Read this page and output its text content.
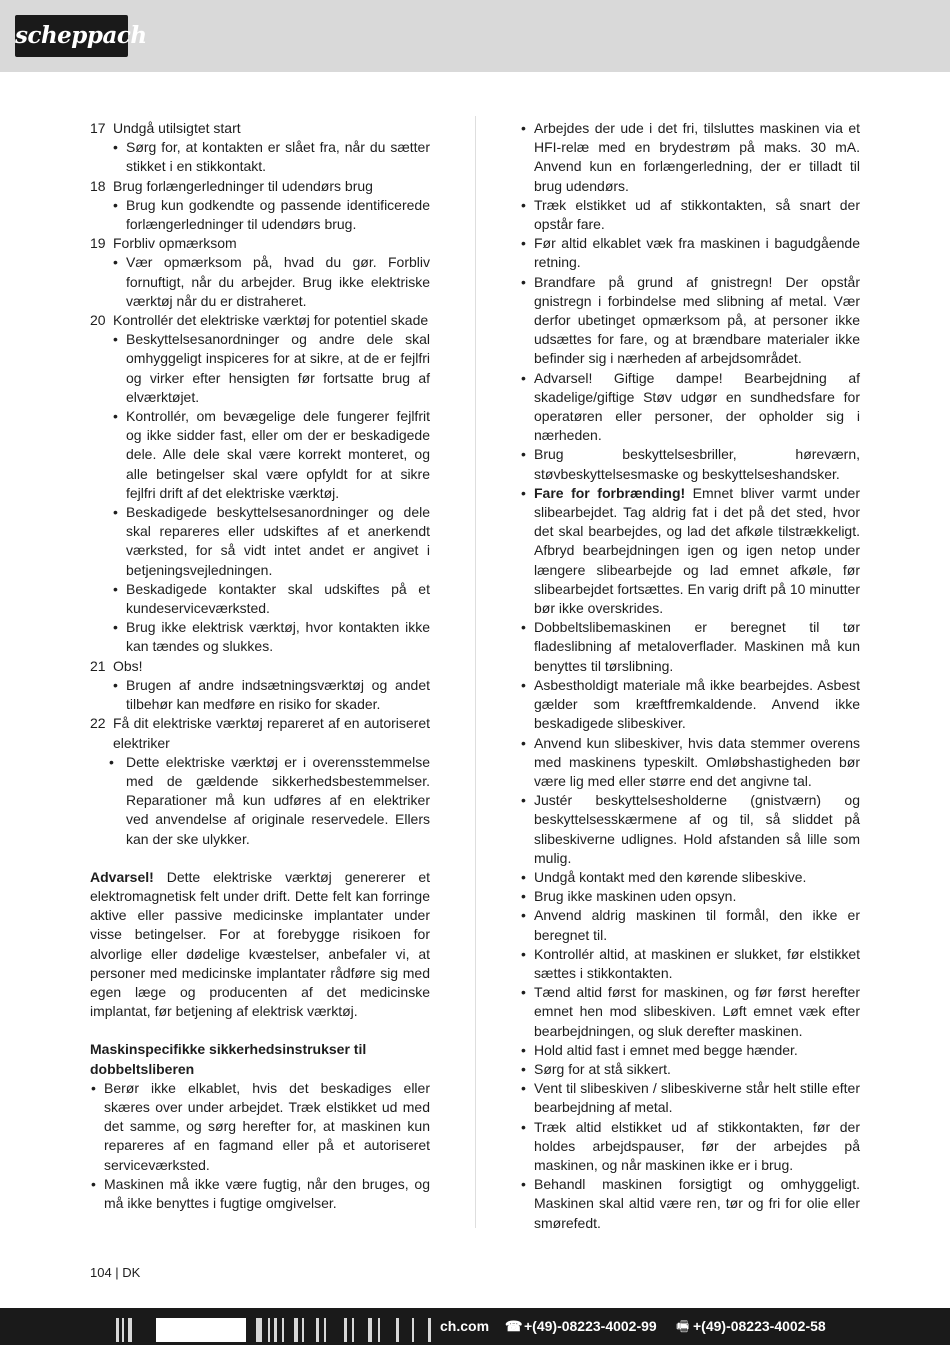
scheppach
17 Undgå utilsigtet start
• Sørg for, at kontakten er slået fra, når du sætter stikket i en stikkontakt.
18 Brug forlængerledninger til udendørs brug
• Brug kun godkendte og passende identificerede forlængerledninger til udendørs brug.
19 Forbliv opmærksom
• Vær opmærksom på, hvad du gør. Forbliv fornuftigt, når du arbejder. Brug ikke elektriske værktøj når du er distraheret.
20 Kontrollér det elektriske værktøj for potentiel skade
• Beskyttelsesanordninger og andre dele skal omhyggeligt inspiceres for at sikre, at de er fejlfri og virker efter hensigten før fortsatte brug af elværktøjet.
• Kontrollér, om bevægelige dele fungerer fejlfrit og ikke sidder fast, eller om der er beskadigede dele. Alle dele skal være korrekt monteret, og alle betingelser skal være opfyldt for at sikre fejlfri drift af det elektriske værktøj.
• Beskadigede beskyttelsesanordninger og dele skal repareres eller udskiftes af et anerkendt værksted, for så vidt intet andet er angivet i betjeningsvejledningen.
• Beskadigede kontakter skal udskiftes på et kundeserviceværksted.
• Brug ikke elektrisk værktøj, hvor kontakten ikke kan tændes og slukkes.
21 Obs!
• Brugen af andre indsætningsværktøj og andet tilbehør kan medføre en risiko for skader.
22 Få dit elektriske værktøj repareret af en autoriseret elektriker
• Dette elektriske værktøj er i overensstemmelse med de gældende sikkerhedsbestemmelser. Reparationer må kun udføres af en elektriker ved anvendelse af originale reservedele. Ellers kan der ske ulykker.
Advarsel! Dette elektriske værktøj genererer et elektromagnetisk felt under drift. Dette felt kan forringe aktive eller passive medicinske implantater under visse betingelser. For at forebygge risikoen for alvorlige eller dødelige kvæstelser, anbefaler vi, at personer med medicinske implantater rådføre sig med egen læge og producenten af det medicinske implantat, før betjening af elektrisk værktøj.
Maskinspecifikke sikkerhedsinstrukser til dobbeltsliberen
• Berør ikke elkablet, hvis det beskadiges eller skæres over under arbejdet. Træk elstikket ud med det samme, og sørg herefter for, at maskinen kun repareres af en fagmand eller på et autoriseret serviceværksted.
• Maskinen må ikke være fugtig, når den bruges, og må ikke benyttes i fugtige omgivelser.
• Arbejdes der ude i det fri, tilsluttes maskinen via et HFI-relæ med en brydestrøm på maks. 30 mA. Anvend kun en forlængerledning, der er tilladt til brug udendørs.
• Træk elstikket ud af stikkontakten, så snart der opstår fare.
• Før altid elkablet væk fra maskinen i bagudgående retning.
• Brandfare på grund af gnistregn! Der opstår gnistregn i forbindelse med slibning af metal. Vær derfor ubetinget opmærksom på, at personer ikke udsættes for fare, og at brændbare materialer ikke befinder sig i nærheden af arbejdsområdet.
• Advarsel! Giftige dampe! Bearbejdning af skadelige/giftige Støv udgør en sundhedsfare for operatøren eller personer, der opholder sig i nærheden.
• Brug beskyttelsesbriller, høreværn, støvbeskyttelsesmaske og beskyttelseshandsker.
• Fare for forbrænding! Emnet bliver varmt under slibearbejdet. Tag aldrig fat i det på det sted, hvor det skal bearbejdes, og lad det afkøle tilstrækkeligt. Afbryd bearbejdningen igen og igen netop under længere slibearbejde og lad emnet afkøle, før slibearbejdet fortsættes. En varig drift på 10 minutter bør ikke overskrides.
• Dobbeltslibemaskinen er beregnet til tør fladeslibning af metaloverflader. Maskinen må kun benyttes til tørslibning.
• Asbestholdigt materiale må ikke bearbejdes. Asbest gælder som kræftfremkaldende. Anvend ikke beskadigede slibeskiver.
• Anvend kun slibeskiver, hvis data stemmer overens med maskinens typeskilt. Omløbshastigheden bør være lig med eller større end det angivne tal.
• Justér beskyttelsesholderne (gnistværn) og beskyttelsesskærmene af og til, så sliddet på slibeskiverne udlignes. Hold afstanden så lille som mulig.
• Undgå kontakt med den kørende slibeskive.
• Brug ikke maskinen uden opsyn.
• Anvend aldrig maskinen til formål, den ikke er beregnet til.
• Kontrollér altid, at maskinen er slukket, før elstikket sættes i stikkontakten.
• Tænd altid først for maskinen, og før først herefter emnet hen mod slibeskiven. Løft emnet væk efter bearbejdningen, og sluk derefter maskinen.
• Hold altid fast i emnet med begge hænder.
• Sørg for at stå sikkert.
• Vent til slibeskiven / slibeskiverne står helt stille efter bearbejdning af metal.
• Træk altid elstikket ud af stikkontakten, før der holdes arbejdspauser, før der arbejdes på maskinen, og når maskinen ikke er i brug.
• Behandl maskinen forsigtigt og omhyggeligt. Maskinen skal altid være ren, tør og fri for olie eller smørefedt.
104 | DK
ch.com ☎ +(49)-08223-4002-99 🖷 +(49)-08223-4002-58
